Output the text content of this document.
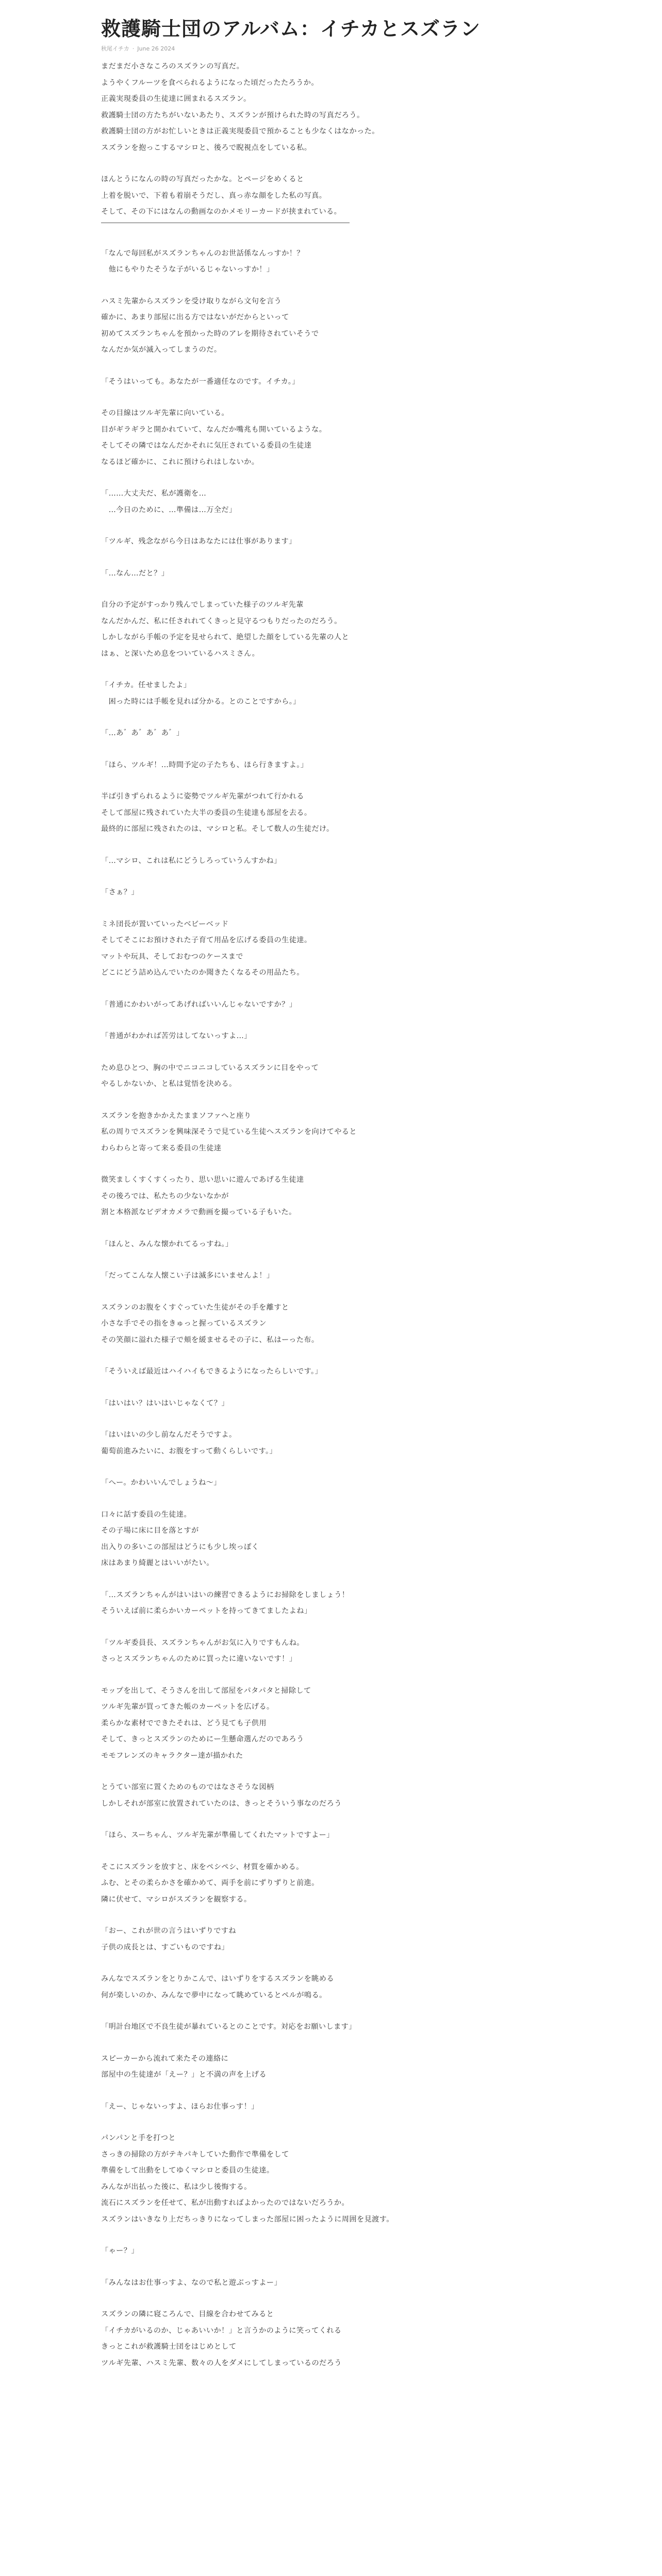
救護騎士団のアルバム：イチカとスズラン
秋尾イチカ · June 26 2024
まだまだ小さなころのスズランの写真だ。
ようやくフルーツを食べられるようになった頃だったたろうか。
正義実現委員の生徒達に囲まれるスズラン。
救護騎士団の方たちがいないあたり、スズランが預けられた時の写真だろう。
救護騎士団の方がお忙しいときは正義実現委員で預かることも少なくはなかった。
スズランを抱っこするマシロと、後ろで睨視点をしている私。
ほんとうになんの時の写真だったかな。とページをめくると
上着を脱いで、下着も着崩そうだし、真っ赤な顔をした私の写真。
そして、その下にはなんの動画なのかメモリーカードが挟まれている。
「なんで毎回私がスズランちゃんのお世話係なんっすか！？
　他にもやりたそうな子がいるじゃないっすか！」
ハスミ先輩からスズランを受け取りながら文句を言う
確かに、あまり部屋に出る方ではないがだからといって
初めてスズランちゃんを預かった時のアレを期待されていそうで
なんだか気が滅入ってしまうのだ。
「そうはいっても。あなたが一番適任なのです。イチカ。」
その目線はツルギ先輩に向いている。
目がギラギラと開かれていて、なんだか嘴兆も開いているような。
そしてその隣ではなんだかそれに気圧されている委員の生徒達
なるほど確かに、これに預けられはしないか。
「……大丈夫だ、私が護衛を…
　…今日のために、…準備は…万全だ」
「ツルギ、残念ながら今日はあなたには仕事があります」
「…なん…だと？」
自分の予定がすっかり残んでしまっていた様子のツルギ先輩
なんだかんだ、私に任されれてくきっと見守るつもりだったのだろう。
しかしながら手帳の予定を見せられて、絶望した顔をしている先輩の人と
はぁ、と深いため息をついているハスミさん。
「イチカ。任せましたよ」
　困った時には手帳を見れば分かる。とのことですから。」
「…あ゛あ゛あ゛あ゛」
「ほら、ツルギ！…時間予定の子たちも、ほら行きますよ。」
半ば引きずられるように姿勢でツルギ先輩がつれて行かれる
そして部屋に残されていた大半の委員の生徒達も部屋を去る。
最終的に部屋に残されたのは、マシロと私。そして数人の生徒だけ。
「…マシロ、これは私にどうしろっていうんすかね」
「さぁ？」
ミネ団長が置いていったベビーベッド
そしてそこにお預けされた子育て用品を広げる委員の生徒達。
マットや玩具、そしておむつのケースまで
どこにどう詰め込んでいたのか聞きたくなるその用品たち。
「普通にかわいがってあげればいいんじゃないですか？」
「普通がわかれば苦労はしてないっすよ…」
ため息ひとつ、胸の中でニコニコしているスズランに目をやって
やるしかないか、と私は覚悟を決める。
スズランを抱きかかえたままソファへと座り
私の周りでスズランを興味深そうで見ている生徒へスズランを向けてやると
わらわらと寄って来る委員の生徒達
微笑ましくすくすくったり、思い思いに遊んであげる生徒達
その後ろでは、私たちの少ないなかが
割と本格派なビデオカメラで動画を撮っている子もいた。
「ほんと、みんな懐かれてるっすね。」
「だってこんな人懐こい子は滅多にいませんよ！」
スズランのお腹をくすぐっていた生徒がその手を離すと
小さな手でその指をきゅっと握っているスズラン
その笑顔に溢れた様子で頬を緩ませるその子に、私はーった布。
「そういえば最近はハイハイもできるようになったらしいです。」
「はいはい？はいはいじゃなくて？」
「はいはいの少し前なんだそうですよ。
葡萄前進みたいに、お腹をすって動くらしいです。」
「へー。かわいいんでしょうね～」
口々に話す委員の生徒達。
その子場に床に目を落とすが
出入りの多いこの部屋はどうにも少し埃っぽく
床はあまり綺麗とはいいがたい。
「…スズランちゃんがはいはいの練習できるようにお掃除をしましょう！
そういえば前に柔らかいカーペットを持ってきてましたよね」
「ツルギ委員長、スズランちゃんがお気に入りですもんね。
さっとスズランちゃんのために買ったに違いないです！」
モップを出して、そうさんを出して部屋をパタパタと掃除して
ツルギ先輩が買ってきた帳のカーペットを広げる。
柔らかな素材でできたそれは、どう見ても子供用
そして、きっとスズランのためにー生懸命選んだのであろう
モモフレンズのキャラクター達が描かれた
とうてい部室に置くためのものではなさそうな図柄
しかしそれが部室に放置されていたのは、きっとそういう事なのだろう
「ほら、スーちゃん、ツルギ先輩が準備してくれたマットですよー」
そこにスズランを放すと、床をペシペシ、材質を確かめる。
ふむ、とその柔らかさを確かめて、両手を前にずりずりと前進。
隣に伏せて、マシロがスズランを観察する。
「おー、これが世の言うはいずりですね
子供の成長とは、すごいものですね」
みんなでスズランをとりかこんで、はいずりをするスズランを眺める
何が楽しいのか、みんなで夢中になって眺めているとペルが鳴る。
「明計台地区で不良生徒が暴れているとのことです。対応をお願いします」
スピーカーから流れて来たその連絡に
部屋中の生徒達が「えー？」と不満の声を上げる
「えー、じゃないっすよ、ほらお仕事っす！」
パンパンと手を打つと
さっきの掃除の方がテキパキしていた動作で準備をして
準備をして出動をしてゆくマシロと委員の生徒達。
みんなが出払った後に、私は少し後悔する。
流石にスズランを任せて、私が出動すればよかったのではないだろうか。
スズランはいきなり上だちっきりになってしまった部屋に困ったように周囲を見渡す。
「ゃー？」
「みんなはお仕事っすよ、なので私と遊ぶっすよー」
スズランの隣に寝ころんで、目線を合わせてみると
「イチカがいるのか、じゃあいいか！」と言うかのように笑ってくれる
きっとこれが救護騎士団をはじめとして
ツルギ先輩、ハスミ先輩、数々の人をダメにしてしまっているのだろう
